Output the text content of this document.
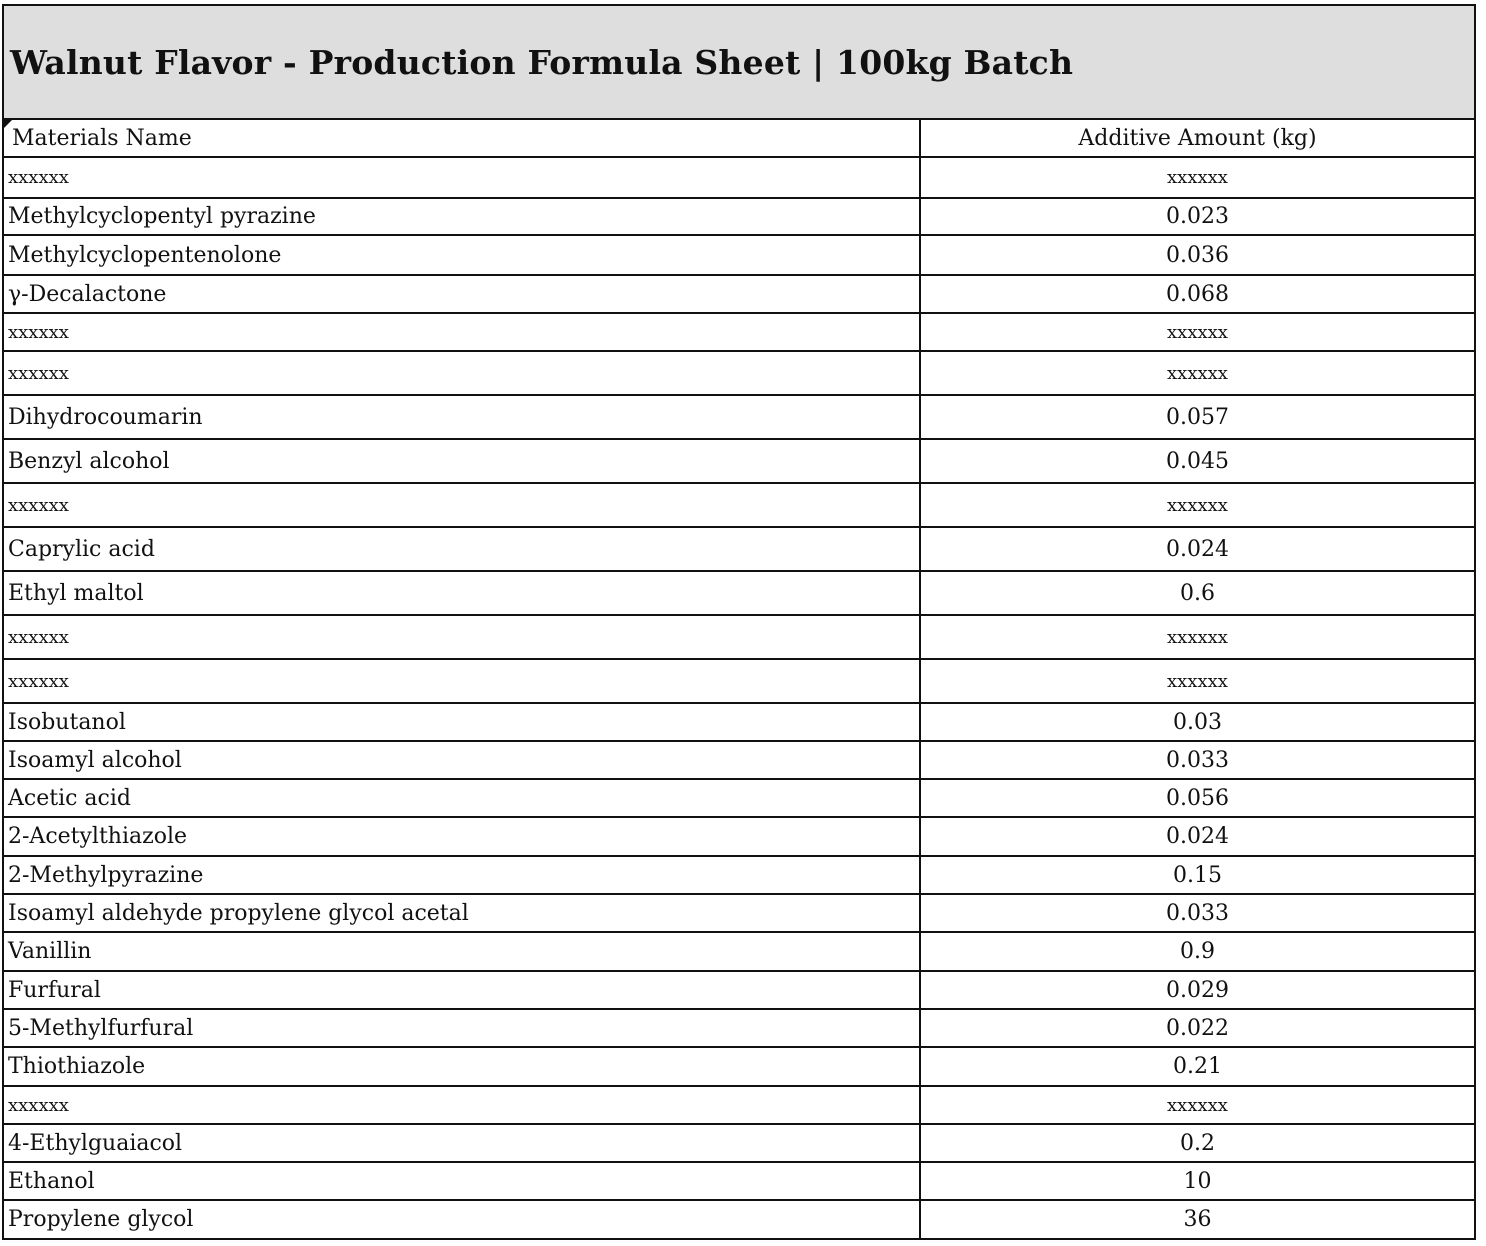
Walnut Flavor - Production Formula Sheet | 100kg Batch
Materials Name	Additive Amount (kg)
xxxxxx	xxxxxx
Methylcyclopentyl pyrazine	0.023
Methylcyclopentenolone	0.036
γ-Decalactone	0.068
xxxxxx	xxxxxx
xxxxxx	xxxxxx
Dihydrocoumarin	0.057
Benzyl alcohol	0.045
xxxxxx	xxxxxx
Caprylic acid	0.024
Ethyl maltol	0.6
xxxxxx	xxxxxx
xxxxxx	xxxxxx
Isobutanol	0.03
Isoamyl alcohol	0.033
Acetic acid	0.056
2-Acetylthiazole	0.024
2-Methylpyrazine	0.15
Isoamyl aldehyde propylene glycol acetal	0.033
Vanillin	0.9
Furfural	0.029
5-Methylfurfural	0.022
Thiothiazole	0.21
xxxxxx	xxxxxx
4-Ethylguaiacol	0.2
Ethanol	10
Propylene glycol	36
